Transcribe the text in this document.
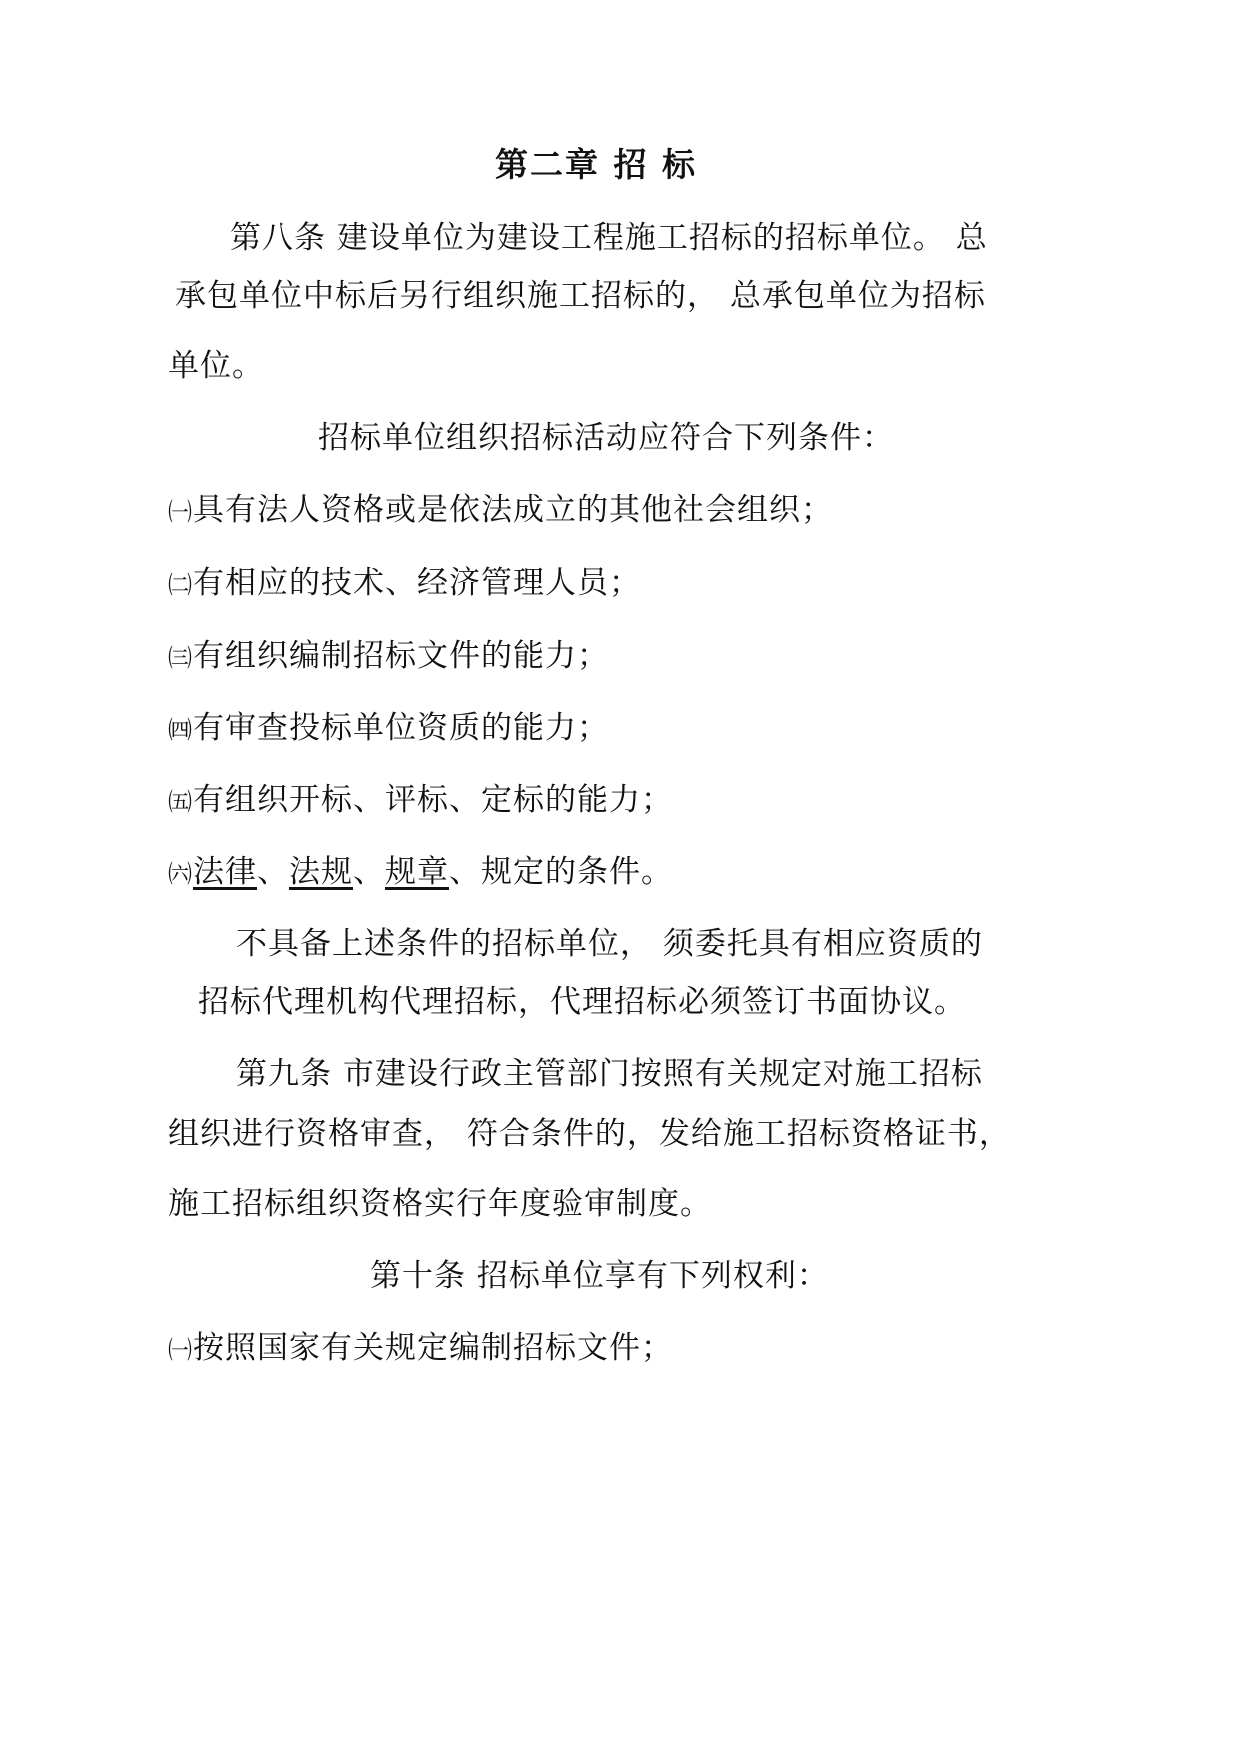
第二章 招 标
第八条 建设单位为建设工程施工招标的招标单位。 总
承包单位中标后另行组织施工招标的， 总承包单位为招标
单位。
招标单位组织招标活动应符合下列条件：
㈠具有法人资格或是依法成立的其他社会组织；
㈡有相应的技术、经济管理人员；
㈢有组织编制招标文件的能力；
㈣有审查投标单位资质的能力；
㈤有组织开标、评标、定标的能力；
㈥法律、法规、规章、规定的条件。
不具备上述条件的招标单位， 须委托具有相应资质的
招标代理机构代理招标，代理招标必须签订书面协议。
第九条 市建设行政主管部门按照有关规定对施工招标
组织进行资格审查， 符合条件的，发给施工招标资格证书，
施工招标组织资格实行年度验审制度。
第十条 招标单位享有下列权利：
㈠按照国家有关规定编制招标文件；
